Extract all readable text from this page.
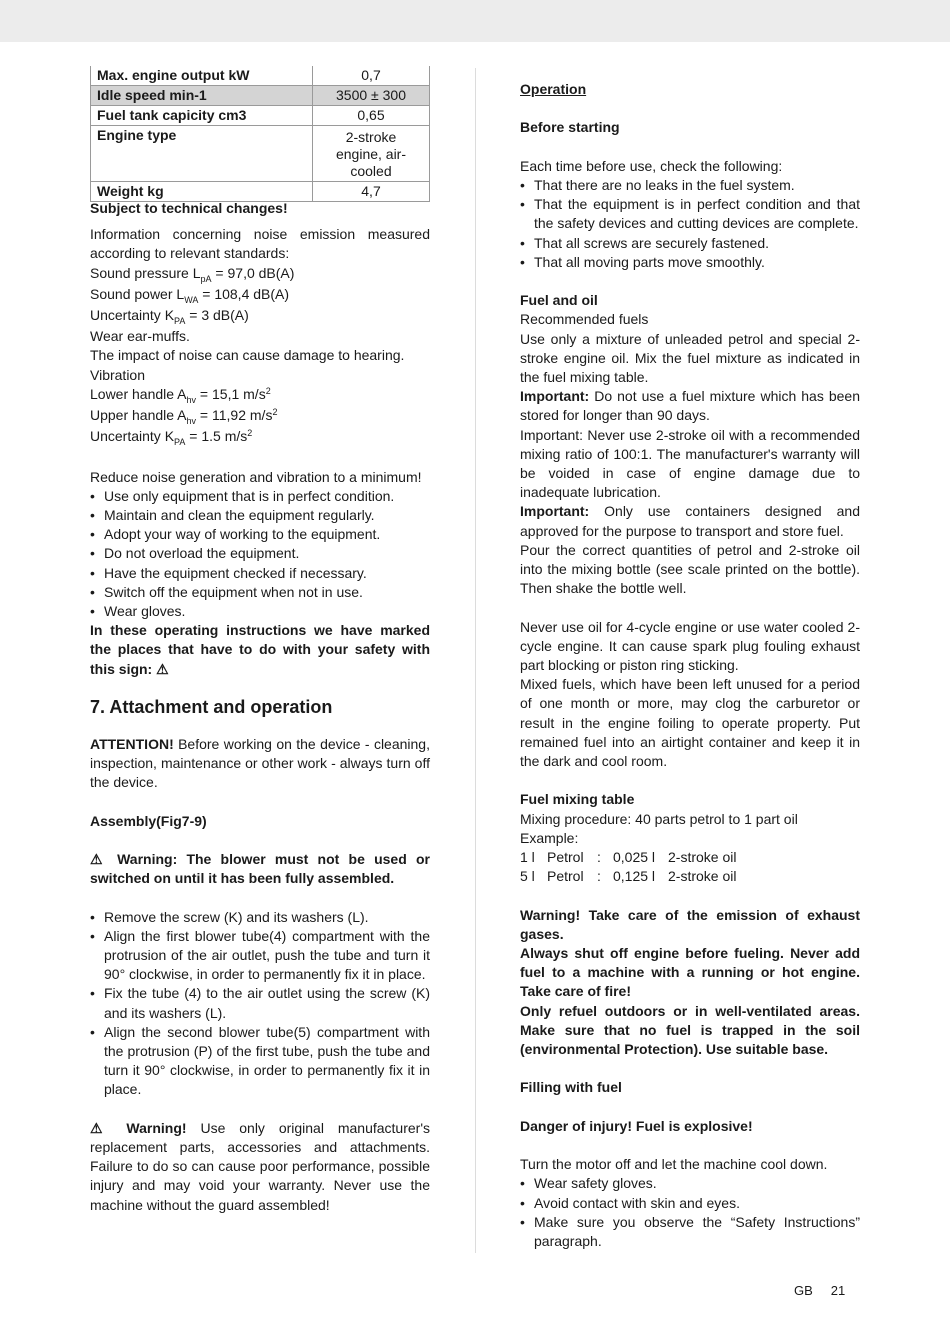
Max. engine output kW	0,7
Idle speed min-1	3500 ± 300
Fuel tank capicity cm3	0,65
Engine type	2-stroke engine, air-cooled
Weight kg	4,7

Subject to technical changes!

Information concerning noise emission measured according to relevant standards:

Sound pressure $L_{pA} = 97,0$ dB(A)

Sound power $L_{WA} = 108,4$ dB(A)

Uncertainty $K_{PA} = 3$ dB(A)

Wear ear-muffs.

The impact of noise can cause damage to hearing.

Vibration

Lower handle $A_{hv} = 15,1$ $m/s^2$

Upper handle $A_{hv} = 11,92$ $m/s^2$

Uncertainty $K_{PA} = 1.5$ $m/s^2$

Reduce noise generation and vibration to a minimum!

• Use only equipment that is in perfect condition.
• Maintain and clean the equipment regularly.
• Adopt your way of working to the equipment.
• Do not overload the equipment.
• Have the equipment checked if necessary.
• Switch off the equipment when not in use.
• Wear gloves.

In these operating instructions we have marked the places that have to do with your safety with this sign: ⚠

7. Attachment and operation

ATTENTION! Before working on the device - cleaning, inspection, maintenance or other work - always turn off the device.

Assembly(Fig7-9)

⚠ Warning: The blower must not be used or switched on until it has been fully assembled.

• Remove the screw (K) and its washers (L).
• Align the first blower tube(4) compartment with the protrusion of the air outlet, push the tube and turn it 90° clockwise, in order to permanently fix it in place.
• Fix the tube (4) to the air outlet using the screw (K) and its washers (L).
• Align the second blower tube(5) compartment with the protrusion (P) of the first tube, push the tube and turn it 90° clockwise, in order to permanently fix it in place.

⚠ Warning! Use only original manufacturer's replacement parts, accessories and attachments. Failure to do so can cause poor performance, possible injury and may void your warranty. Never use the machine without the guard assembled!

Operation

Before starting

Each time before use, check the following:

• That there are no leaks in the fuel system.
• That the equipment is in perfect condition and that the safety devices and cutting devices are complete.
• That all screws are securely fastened.
• That all moving parts move smoothly.

Fuel and oil

Recommended fuels

Use only a mixture of unleaded petrol and special 2-stroke engine oil. Mix the fuel mixture as indicated in the fuel mixing table.

Important: Do not use a fuel mixture which has been stored for longer than 90 days.

Important: Never use 2-stroke oil with a recommended mixing ratio of 100:1. The manufacturer's warranty will be voided in case of engine damage due to inadequate lubrication.

Important: Only use containers designed and approved for the purpose to transport and store fuel.

Pour the correct quantities of petrol and 2-stroke oil into the mixing bottle (see scale printed on the bottle). Then shake the bottle well.

Never use oil for 4-cycle engine or use water cooled 2-cycle engine. It can cause spark plug fouling exhaust part blocking or piston ring sticking.

Mixed fuels, which have been left unused for a period of one month or more, may clog the carburetor or result in the engine foiling to operate property. Put remained fuel into an airtight container and keep it in the dark and cool room.

Fuel mixing table

Mixing procedure: 40 parts petrol to 1 part oil

Example:

1 l Petrol : 0,025 l 2-stroke oil
5 l Petrol : 0,125 l 2-stroke oil

Warning! Take care of the emission of exhaust gases.

Always shut off engine before fueling. Never add fuel to a machine with a running or hot engine. Take care of fire!

Only refuel outdoors or in well-ventilated areas. Make sure that no fuel is trapped in the soil (environmental Protection). Use suitable base.

Filling with fuel

Danger of injury! Fuel is explosive!

Turn the motor off and let the machine cool down.

• Wear safety gloves.
• Avoid contact with skin and eyes.
• Make sure you observe the “Safety Instructions” paragraph.
GB 21
